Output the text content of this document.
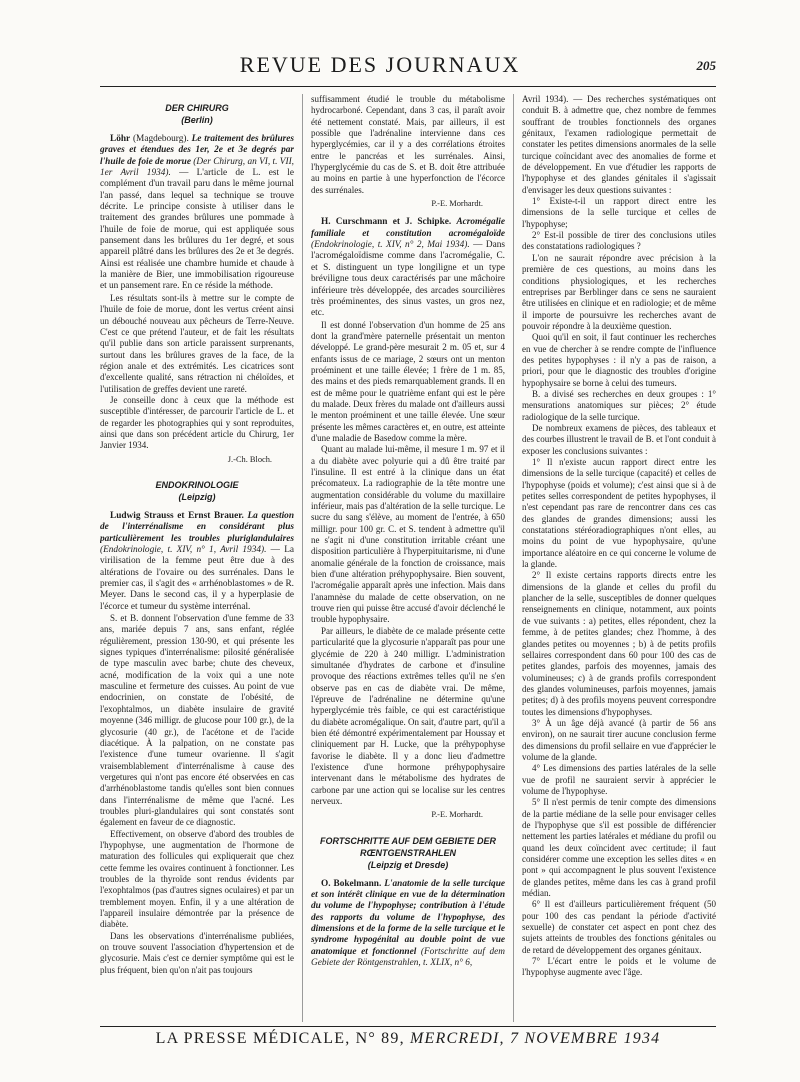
REVUE DES JOURNAUX	205
DER CHIRURG
(Berlin)

Löhr (Magdebourg). Le traitement des brûlures graves et étendues des 1er, 2e et 3e degrés par l'huile de foie de morue (Der Chirurg, an VI, t. VII, 1er Avril 1934). — L'article de L. est le complément d'un travail paru dans le même journal l'an passé, dans lequel sa technique se trouve décrite. Le principe consiste à utiliser dans le traitement des grandes brûlures une pommade à l'huile de foie de morue, qui est appliquée sous pansement dans les brûlures du 1er degré, et sous appareil plâtré dans les brûlures des 2e et 3e degrés. Ainsi est réalisée une chambre humide et chaude à la manière de Bier, une immobilisation rigoureuse et un pansement rare. En ce réside la méthode.

Les résultats sont-ils à mettre sur le compte de l'huile de foie de morue, dont les vertus créent ainsi un débouché nouveau aux pêcheurs de Terre-Neuve. C'est ce que prétend l'auteur, et de fait les résultats qu'il publie dans son article paraissent surprenants, surtout dans les brûlures graves de la face, de la région anale et des extrémités. Les cicatrices sont d'excellente qualité, sans rétraction ni chéloïdes, et l'utilisation de greffes devient une rareté.

Je conseille donc à ceux que la méthode est susceptible d'intéresser, de parcourir l'article de L. et de regarder les photographies qui y sont reproduites, ainsi que dans son précédent article du Chirurg, 1er Janvier 1934.

J.-Ch. Bloch.
ENDOKRINOLOGIE
(Leipzig)

Ludwig Strauss et Ernst Brauer. La question de l'interrénalisme en considérant plus particulièrement les troubles pluriglandulaires (Endokrinologie, t. XIV, n° 1, Avril 1934). — La virilisation de la femme peut être due à des altérations de l'ovaire ou des surrénales. Dans le premier cas, il s'agit des « arrhénoblastomes » de R. Meyer. Dans le second cas, il y a hyperplasie de l'écorce et tumeur du système interrénal.

S. et B. donnent l'observation d'une femme de 33 ans, mariée depuis 7 ans, sans enfant, réglée régulièrement, pression 130-90, et qui présente les signes typiques d'interrénalisme: pilosité généralisée de type masculin avec barbe; chute des cheveux, acné, modification de la voix qui a une note masculine et fermeture des cuisses. Au point de vue endocrinien, on constate de l'obésité, de l'exophtalmos, un diabète insulaire de gravité moyenne (346 milligr. de glucose pour 100 gr.), de la glycosurie (40 gr.), de l'acétone et de l'acide diacétique. À la palpation, on ne constate pas l'existence d'une tumeur ovarienne. Il s'agit vraisemblablement d'interrénalisme à cause des vergetures qui n'ont pas encore été observées en cas d'arrhénoblastome tandis qu'elles sont bien connues dans l'interrénalisme de même que l'acné. Les troubles pluri-glandulaires qui sont constatés sont également en faveur de ce diagnostic.

Effectivement, on observe d'abord des troubles de l'hypophyse, une augmentation de l'hormone de maturation des follicules qui expliquerait que chez cette femme les ovaires continuent à fonctionner. Les troubles de la thyroïde sont rendus évidents par l'exophtalmos (pas d'autres signes oculaires) et par un tremblement moyen. Enfin, il y a une altération de l'appareil insulaire démontrée par la présence de diabète.

Dans les observations d'interrénalisme publiées, on trouve souvent l'association d'hypertension et de glycosurie. Mais c'est ce dernier symptôme qui est le plus fréquent, bien qu'on n'ait pas toujours

suffisamment étudié le trouble du métabolisme hydrocarboné. Cependant, dans 3 cas, il paraît avoir été nettement constaté. Mais, par ailleurs, il est possible que l'adrénaline intervienne dans ces hyperglycémies, car il y a des corrélations étroites entre le pancréas et les surrénales. Ainsi, l'hyperglycémie du cas de S. et B. doit être attribuée au moins en partie à une hyperfonction de l'écorce des surrénales.

P.-E. Morhardt.

H. Curschmann et J. Schipke. Acromégalie familiale et constitution acromégaloïde (Endokrinologie, t. XIV, n° 2, Mai 1934). — Dans l'acromégaloïdisme comme dans l'acromégalie, C. et S. distinguent un type longiligne et un type bréviligne tous deux caractérisés par une mâchoire inférieure très développée, des arcades sourcilières très proéminentes, des sinus vastes, un gros nez, etc.

Il est donné l'observation d'un homme de 25 ans dont la grand'mère paternelle présentait un menton développé. Le grand-père mesurait 2 m. 05 et, sur 4 enfants issus de ce mariage, 2 sœurs ont un menton proéminent et une taille élevée; 1 frère de 1 m. 85, des mains et des pieds remarquablement grands. Il en est de même pour le quatrième enfant qui est le père du malade. Deux frères du malade ont d'ailleurs aussi le menton proéminent et une taille élevée. Une sœur présente les mêmes caractères et, en outre, est atteinte d'une maladie de Basedow comme la mère.

Quant au malade lui-même, il mesure 1 m. 97 et il a du diabète avec polyurie qui a dû être traité par l'insuline. Il est entré à la clinique dans un état précomateux. La radiographie de la tête montre une augmentation considérable du volume du maxillaire inférieur, mais pas d'altération de la selle turcique. Le sucre du sang s'élève, au moment de l'entrée, à 650 milligr. pour 100 gr. C. et S. tendent à admettre qu'il ne s'agit ni d'une constitution irritable créant une disposition particulière à l'hyperpituitarisme, ni d'une anomalie générale de la fonction de croissance, mais bien d'une altération préhypophysaire. Bien souvent, l'acromégalie apparaît après une infection. Mais dans l'anamnèse du malade de cette observation, on ne trouve rien qui puisse être accusé d'avoir déclenché le trouble hypophysaire.

Par ailleurs, le diabète de ce malade présente cette particularité que la glycosurie n'apparaît pas pour une glycémie de 220 à 240 milligr. L'administration simultanée d'hydrates de carbone et d'insuline provoque des réactions extrêmes telles qu'il ne s'en observe pas en cas de diabète vrai. De même, l'épreuve de l'adrénaline ne détermine qu'une hyperglycémie très faible, ce qui est caractéristique du diabète acromégalique. On sait, d'autre part, qu'il a bien été démontré expérimentalement par Houssay et cliniquement par H. Lucke, que la préhypophyse favorise le diabète. Il y a donc lieu d'admettre l'existence d'une hormone préhypophysaire intervenant dans le métabolisme des hydrates de carbone par une action qui se localise sur les centres nerveux.

P.-E. Morhardt.
FORTSCHRITTE AUF DEM GEBIETE DER RŒNTGENSTRAHLEN
(Leipzig et Dresde)

O. Bokelmann. L'anatomie de la selle turcique et son intérêt clinique en vue de la détermination du volume de l'hypophyse; contribution à l'étude des rapports du volume de l'hypophyse, des dimensions et de la forme de la selle turcique et le syndrome hypogénital au double point de vue anatomique et fonctionnel (Fortschritte auf dem Gebiete der Röntgenstrahlen, t. XLIX, n° 6,

Avril 1934). — Des recherches systématiques ont conduit B. à admettre que, chez nombre de femmes souffrant de troubles fonctionnels des organes génitaux, l'examen radiologique permettait de constater les petites dimensions anormales de la selle turcique coïncidant avec des anomalies de forme et de développement. En vue d'étudier les rapports de l'hypophyse et des glandes génitales il s'agissait d'envisager les deux questions suivantes :

1° Existe-t-il un rapport direct entre les dimensions de la selle turcique et celles de l'hypophyse;

2° Est-il possible de tirer des conclusions utiles des constatations radiologiques ?

L'on ne saurait répondre avec précision à la première de ces questions, au moins dans les conditions physiologiques, et les recherches entreprises par Berblinger dans ce sens ne sauraient être utilisées en clinique et en radiologie; et de même il importe de poursuivre les recherches avant de pouvoir répondre à la deuxième question.

Quoi qu'il en soit, il faut continuer les recherches en vue de chercher à se rendre compte de l'influence des petites hypophyses : il n'y a pas de raison, a priori, pour que le diagnostic des troubles d'origine hypophysaire se borne à celui des tumeurs.

B. a divisé ses recherches en deux groupes : 1° mensurations anatomiques sur pièces; 2° étude radiologique de la selle turcique.

De nombreux examens de pièces, des tableaux et des courbes illustrent le travail de B. et l'ont conduit à exposer les conclusions suivantes :

1° Il n'existe aucun rapport direct entre les dimensions de la selle turcique (capacité) et celles de l'hypophyse (poids et volume); c'est ainsi que si à de petites selles correspondent de petites hypophyses, il n'est cependant pas rare de rencontrer dans ces cas des glandes de grandes dimensions; aussi les constatations stéréoradiographiques n'ont elles, au moins du point de vue hypophysaire, qu'une importance aléatoire en ce qui concerne le volume de la glande.

2° Il existe certains rapports directs entre les dimensions de la glande et celles du profil du plancher de la selle, susceptibles de donner quelques renseignements en clinique, notamment, aux points de vue suivants : a) petites, elles répondent, chez la femme, à de petites glandes; chez l'homme, à des glandes petites ou moyennes ; b) à de petits profils sellaires correspondent dans 60 pour 100 des cas de petites glandes, parfois des moyennes, jamais des volumineuses; c) à de grands profils correspondent des glandes volumineuses, parfois moyennes, jamais petites; d) à des profils moyens peuvent correspondre toutes les dimensions d'hypophyses.

3° À un âge déjà avancé (à partir de 56 ans environ), on ne saurait tirer aucune conclusion ferme des dimensions du profil sellaire en vue d'apprécier le volume de la glande.

4° Les dimensions des parties latérales de la selle vue de profil ne sauraient servir à apprécier le volume de l'hypophyse.

5° Il n'est permis de tenir compte des dimensions de la partie médiane de la selle pour envisager celles de l'hypophyse que s'il est possible de différencier nettement les parties latérales et médiane du profil ou quand les deux coïncident avec certitude; il faut considérer comme une exception les selles dites « en pont » qui accompagnent le plus souvent l'existence de glandes petites, même dans les cas à grand profil médian.

6° Il est d'ailleurs particulièrement fréquent (50 pour 100 des cas pendant la période d'activité sexuelle) de constater cet aspect en pont chez des sujets atteints de troubles des fonctions génitales ou de retard de développement des organes génitaux.

7° L'écart entre le poids et le volume de l'hypophyse augmente avec l'âge.

LA PRESSE MÉDICALE, N° 89, MERCREDI, 7 NOVEMBRE 1934
